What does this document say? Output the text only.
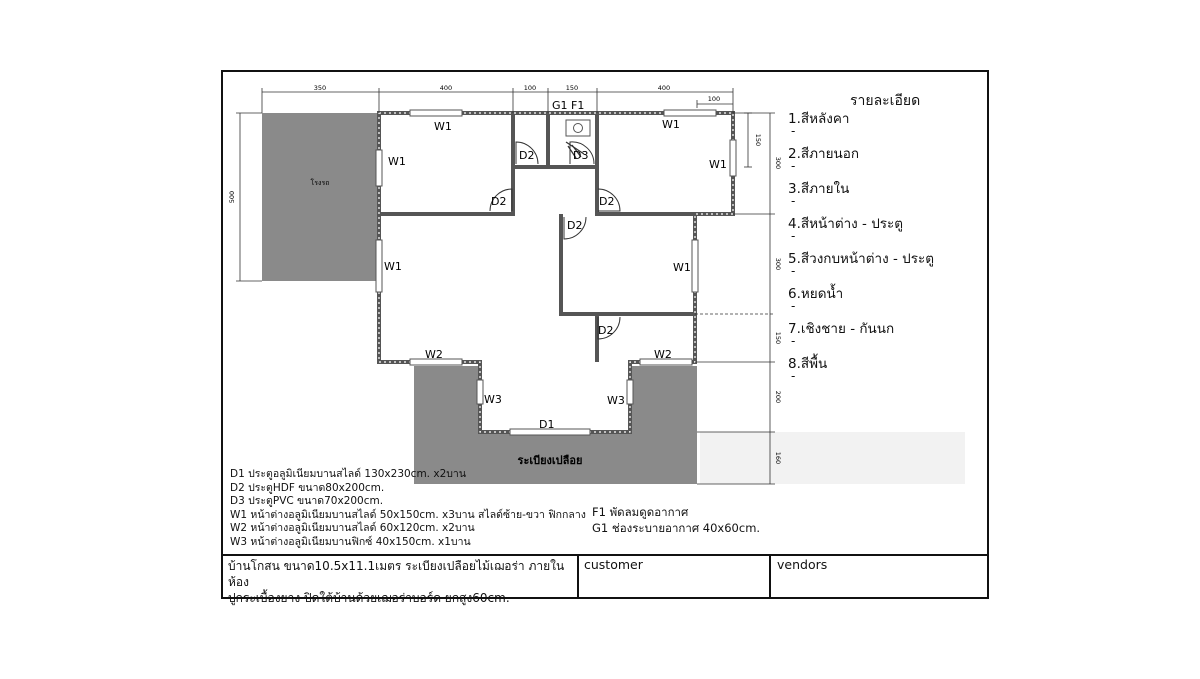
โรงรถ
ระเบียงเปลือย
350	400	100	150	400
100
500
150
300
300
150
200
160
W1
W1
W1
W1
W1	W1
W2	W2
W3	W3
D1
D2
D2	D2
D2
D2
D3
G1 F1	รายละเอียด
1.สีหลังคา
-
2.สีภายนอก
-
3.สีภายใน
-
4.สีหน้าต่าง - ประตู
-
5.สีวงกบหน้าต่าง - ประตู
-
6.หยดน้ำ
-
7.เชิงชาย - กันนก
-
8.สีพื้น
-
D1 ประตูอลูมิเนียมบานสไลด์ 130x230cm. x2บาน
D2 ประตูHDF ขนาด80x200cm.
D3 ประตูPVC ขนาด70x200cm.
W1 หน้าต่างอลูมิเนียมบานสไลด์ 50x150cm. x3บาน สไลด์ซ้าย-ขวา ฟิกกลาง
W2 หน้าต่างอลูมิเนียมบานสไลด์ 60x120cm. x2บาน
W3 หน้าต่างอลูมิเนียมบานฟิกซ์ 40x150cm. x1บาน
F1 พัดลมดูดอากาศ
G1 ช่องระบายอากาศ 40x60cm.
บ้านโกสน ขนาด10.5x11.1เมตร ระเบียงเปลือยไม้เฌอร่า ภายในห้อง
ปูกระเบื้องยาง ปิดใต้บ้านด้วยเฌอร่าบอร์ด ยกสูง60cm.
customer	vendors
